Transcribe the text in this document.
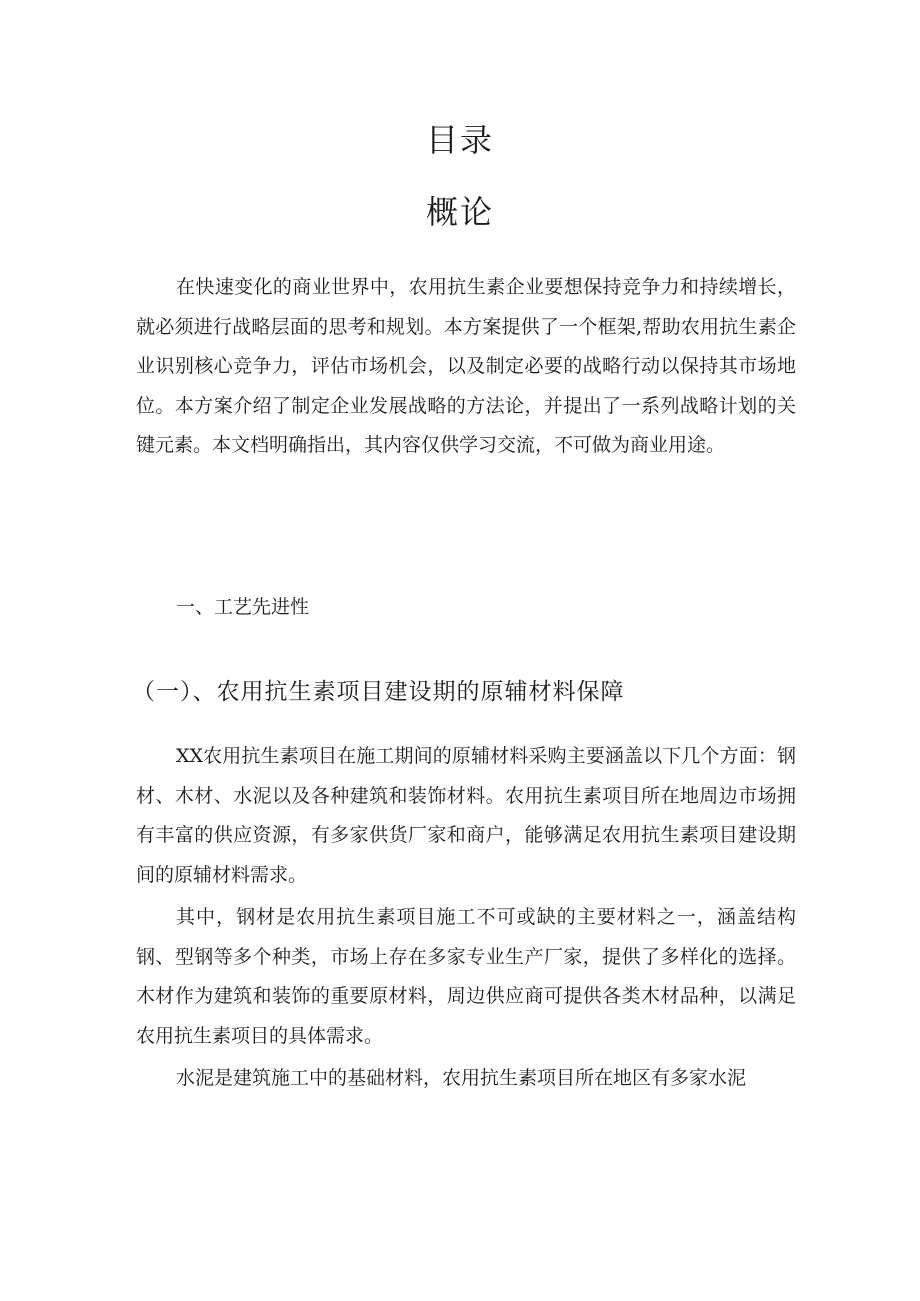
目录
概论

在快速变化的商业世界中，农用抗生素企业要想保持竞争力和持续增长，就必须进行战略层面的思考和规划。本方案提供了一个框架,帮助农用抗生素企业识别核心竞争力，评估市场机会，以及制定必要的战略行动以保持其市场地位。本方案介绍了制定企业发展战略的方法论，并提出了一系列战略计划的关键元素。本文档明确指出，其内容仅供学习交流，不可做为商业用途。

一、工艺先进性
（一）、农用抗生素项目建设期的原辅材料保障

XX农用抗生素项目在施工期间的原辅材料采购主要涵盖以下几个方面：钢材、木材、水泥以及各种建筑和装饰材料。农用抗生素项目所在地周边市场拥有丰富的供应资源，有多家供货厂家和商户，能够满足农用抗生素项目建设期间的原辅材料需求。

其中，钢材是农用抗生素项目施工不可或缺的主要材料之一，涵盖结构钢、型钢等多个种类，市场上存在多家专业生产厂家，提供了多样化的选择。木材作为建筑和装饰的重要原材料，周边供应商可提供各类木材品种，以满足农用抗生素项目的具体需求。

水泥是建筑施工中的基础材料，农用抗生素项目所在地区有多家水泥
